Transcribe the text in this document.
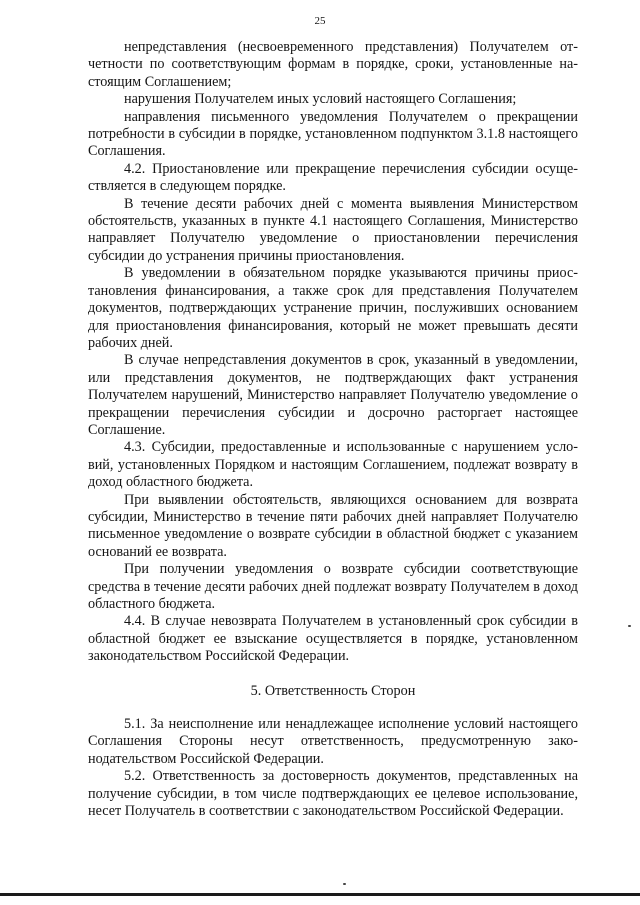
25

непредставления (несвоевременного представления) Получателем отчетности по соответствующим формам в порядке, сроки, установленные настоящим Соглашением;

нарушения Получателем иных условий настоящего Соглашения;

направления письменного уведомления Получателем о прекращении потребности в субсидии в порядке, установленном подпунктом 3.1.8 настоящего Соглашения.

4.2. Приостановление или прекращение перечисления субсидии осуществляется в следующем порядке.

В течение десяти рабочих дней с момента выявления Министерством обстоятельств, указанных в пункте 4.1 настоящего Соглашения, Министерство направляет Получателю уведомление о приостановлении перечисления субсидии до устранения причины приостановления.

В уведомлении в обязательном порядке указываются причины приостановления финансирования, а также срок для представления Получателем документов, подтверждающих устранение причин, послуживших основанием для приостановления финансирования, который не может превышать десяти рабочих дней.

В случае непредставления документов в срок, указанный в уведомлении, или представления документов, не подтверждающих факт устранения Получателем нарушений, Министерство направляет Получателю уведомление о прекращении перечисления субсидии и досрочно расторгает настоящее Соглашение.

4.3. Субсидии, предоставленные и использованные с нарушением условий, установленных Порядком и настоящим Соглашением, подлежат возврату в доход областного бюджета.

При выявлении обстоятельств, являющихся основанием для возврата субсидии, Министерство в течение пяти рабочих дней направляет Получателю письменное уведомление о возврате субсидии в областной бюджет с указанием оснований ее возврата.

При получении уведомления о возврате субсидии соответствующие средства в течение десяти рабочих дней подлежат возврату Получателем в доход областного бюджета.

4.4. В случае невозврата Получателем в установленный срок субсидии в областной бюджет ее взыскание осуществляется в порядке, установленном законодательством Российской Федерации.

5. Ответственность Сторон

5.1. За неисполнение или ненадлежащее исполнение условий настоящего Соглашения Стороны несут ответственность, предусмотренную законодательством Российской Федерации.

5.2. Ответственность за достоверность документов, представленных на получение субсидии, в том числе подтверждающих ее целевое использование, несет Получатель в соответствии с законодательством Российской Федерации.
